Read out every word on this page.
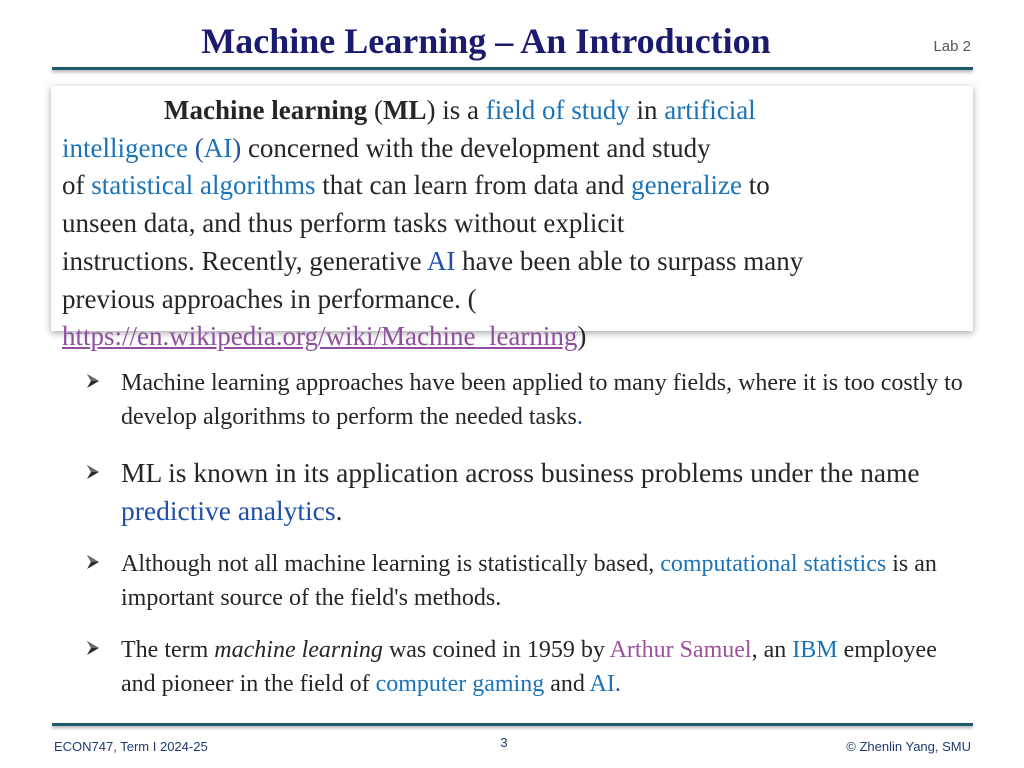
Machine Learning – An Introduction	Lab 2
Machine learning (ML) is a field of study in artificial
intelligence (AI) concerned with the development and study
of statistical algorithms that can learn from data and generalize to
unseen data, and thus perform tasks without explicit
instructions. Recently, generative AI have been able to surpass many
previous approaches in performance. (
https://en.wikipedia.org/wiki/Machine_learning)
Machine learning approaches have been applied to many fields, where it is too costly to develop algorithms to perform the needed tasks.
ML is known in its application across business problems under the name predictive analytics.
Although not all machine learning is statistically based, computational statistics is an important source of the field's methods.
The term machine learning was coined in 1959 by Arthur Samuel, an IBM employee and pioneer in the field of computer gaming and AI.
ECON747, Term I 2024-25	3	© Zhenlin Yang, SMU
